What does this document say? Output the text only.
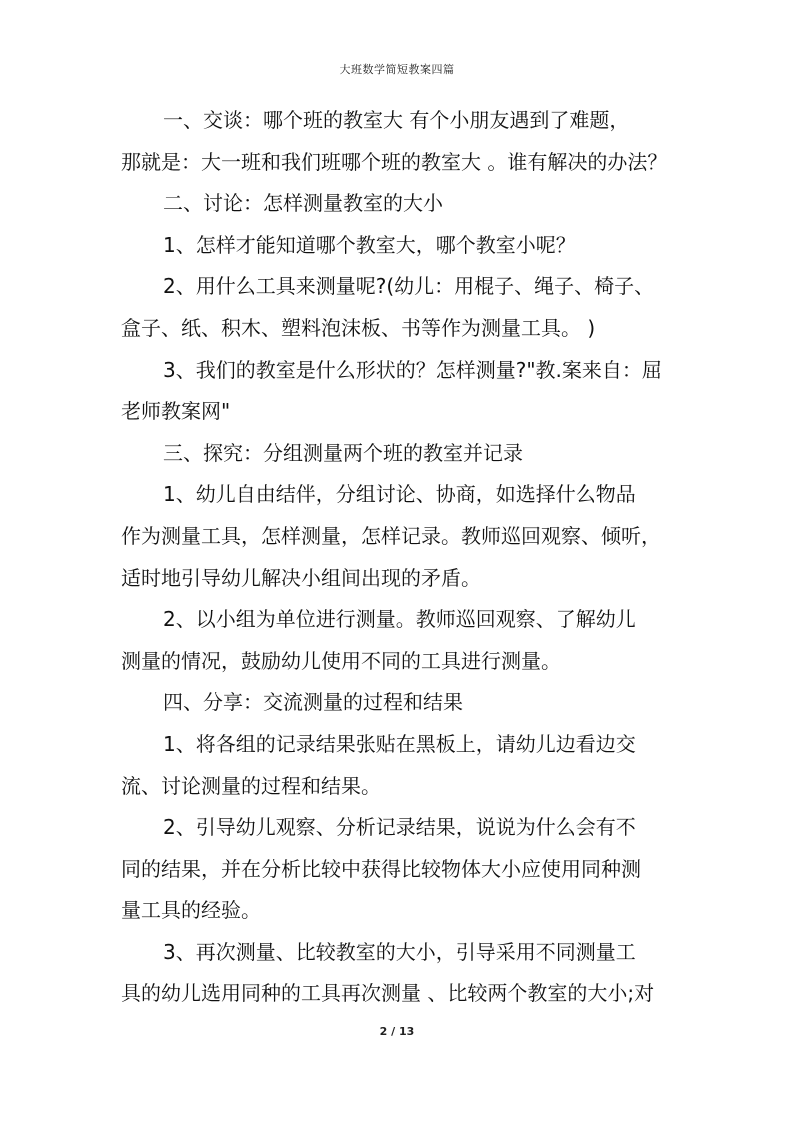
大班数学简短教案四篇
一、交谈：哪个班的教室大 有个小朋友遇到了难题，
那就是：大一班和我们班哪个班的教室大 。谁有解决的办法？
二、讨论：怎样测量教室的大小
1、怎样才能知道哪个教室大，哪个教室小呢？
2、用什么工具来测量呢?(幼儿：用棍子、绳子、椅子、
盒子、纸、积木、塑料泡沫板、书等作为测量工具。 )
3、我们的教室是什么形状的？怎样测量?"教.案来自：屈
老师教案网"
三、探究：分组测量两个班的教室并记录
1、幼儿自由结伴，分组讨论、协商，如选择什么物品
作为测量工具，怎样测量，怎样记录。教师巡回观察、倾听，
适时地引导幼儿解决小组间出现的矛盾。
2、以小组为单位进行测量。教师巡回观察、了解幼儿
测量的情况，鼓励幼儿使用不同的工具进行测量。
四、分享：交流测量的过程和结果
1、将各组的记录结果张贴在黑板上，请幼儿边看边交
流、讨论测量的过程和结果。
2、引导幼儿观察、分析记录结果，说说为什么会有不
同的结果，并在分析比较中获得比较物体大小应使用同种测
量工具的经验。
3、再次测量、比较教室的大小，引导采用不同测量工
具的幼儿选用同种的工具再次测量 、比较两个教室的大小;对
2 / 13
